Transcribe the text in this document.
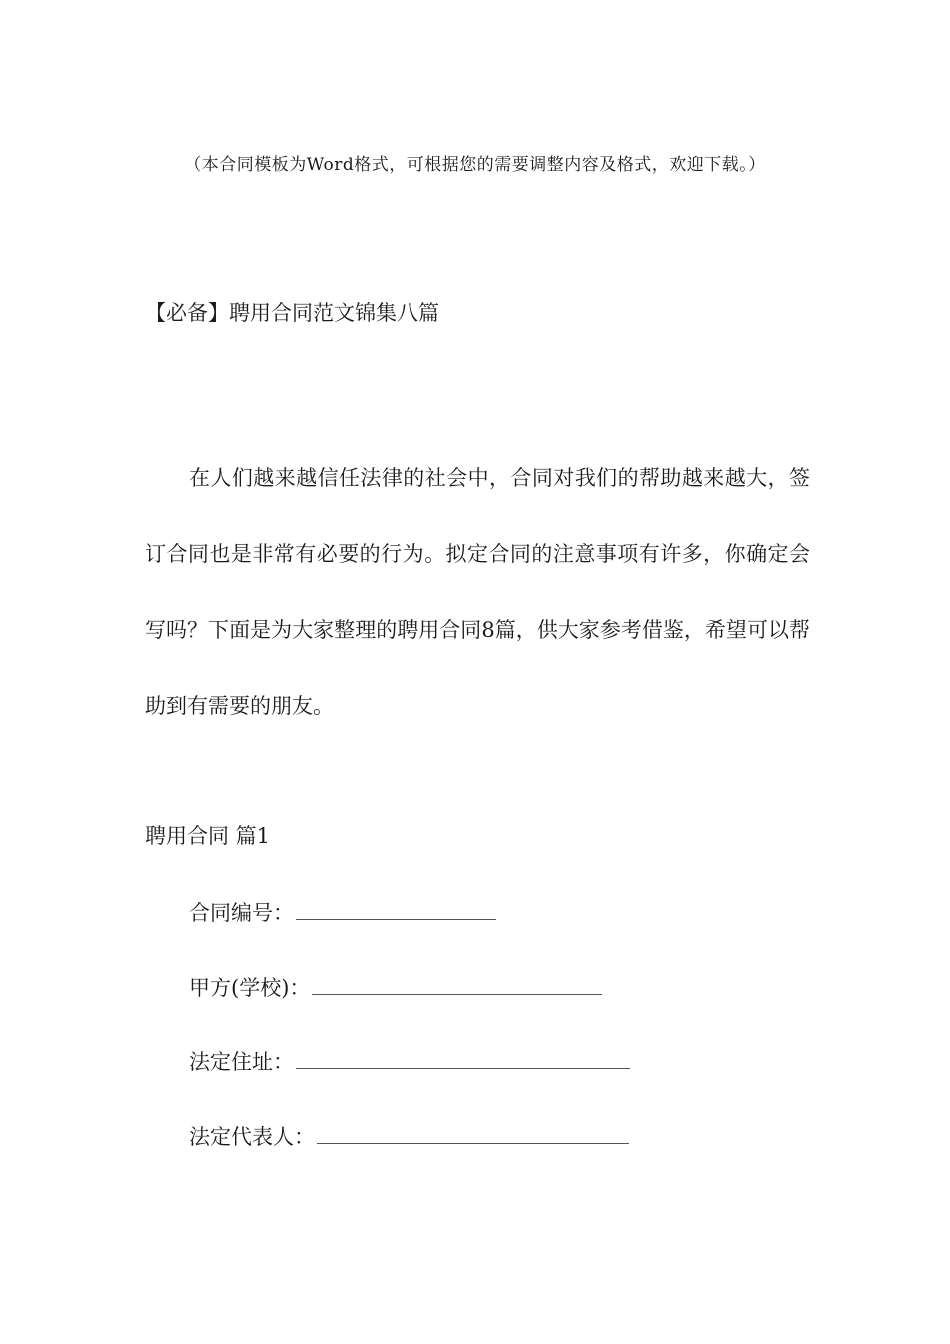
（本合同模板为Word格式，可根据您的需要调整内容及格式，欢迎下载。）
【必备】聘用合同范文锦集八篇

在人们越来越信任法律的社会中，合同对我们的帮助越来越大，签订合同也是非常有必要的行为。拟定合同的注意事项有许多，你确定会写吗？下面是为大家整理的聘用合同8篇，供大家参考借鉴，希望可以帮助到有需要的朋友。

聘用合同 篇1
合同编号：
甲方(学校)：
法定住址：
法定代表人：
